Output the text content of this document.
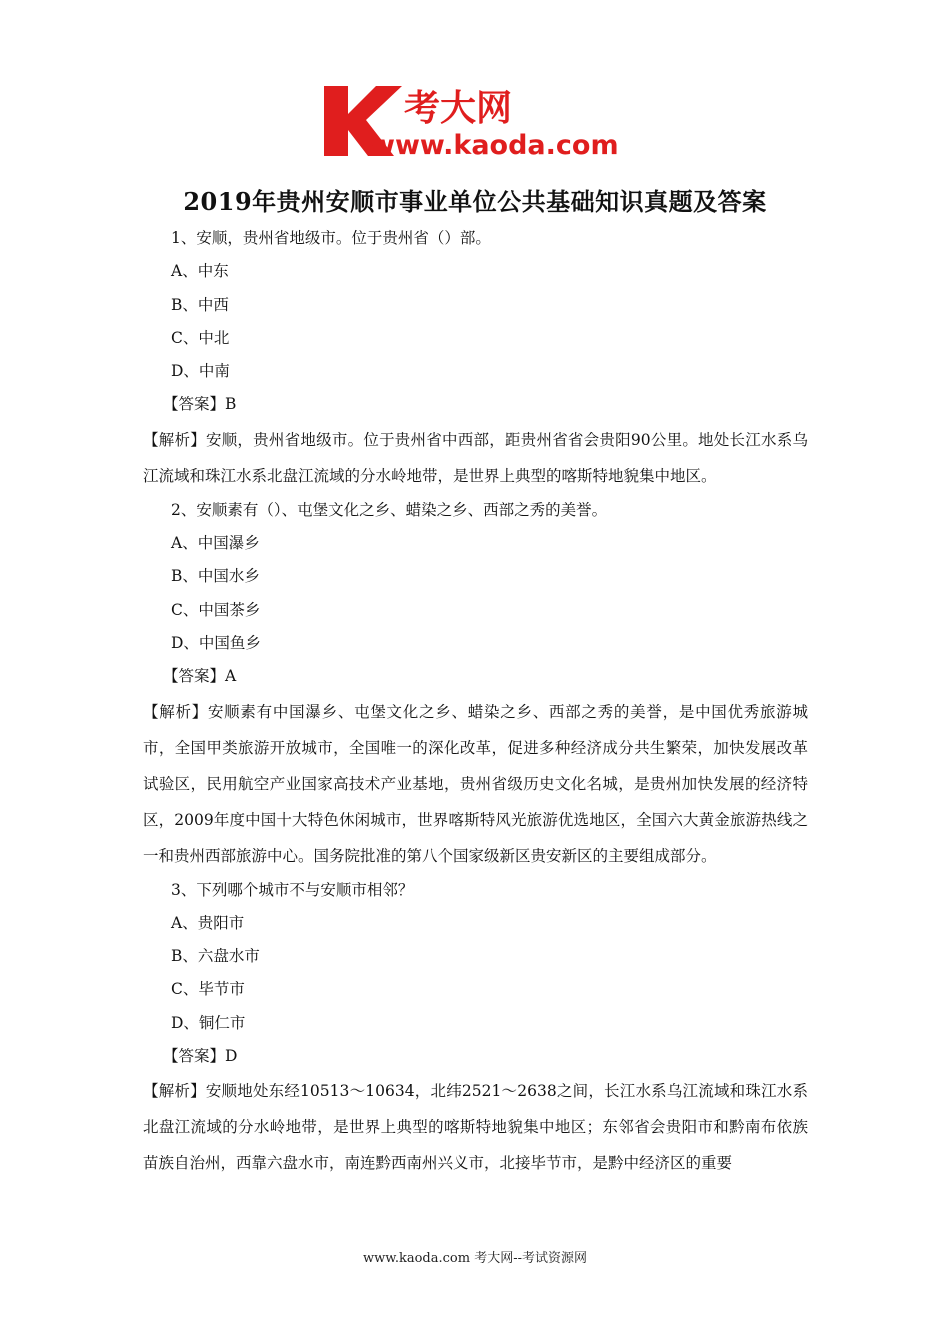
考大网
www.kaoda.com
2019年贵州安顺市事业单位公共基础知识真题及答案
1、安顺，贵州省地级市。位于贵州省（）部。
A、中东
B、中西
C、中北
D、中南
【答案】B
【解析】安顺，贵州省地级市。位于贵州省中西部，距贵州省省会贵阳90公里。地处长江水系乌江流域和珠江水系北盘江流域的分水岭地带，是世界上典型的喀斯特地貌集中地区。
2、安顺素有（）、屯堡文化之乡、蜡染之乡、西部之秀的美誉。
A、中国瀑乡
B、中国水乡
C、中国茶乡
D、中国鱼乡
【答案】A
【解析】安顺素有中国瀑乡、屯堡文化之乡、蜡染之乡、西部之秀的美誉，是中国优秀旅游城市，全国甲类旅游开放城市，全国唯一的深化改革，促进多种经济成分共生繁荣，加快发展改革试验区，民用航空产业国家高技术产业基地，贵州省级历史文化名城，是贵州加快发展的经济特区，2009年度中国十大特色休闲城市，世界喀斯特风光旅游优选地区，全国六大黄金旅游热线之一和贵州西部旅游中心。国务院批准的第八个国家级新区贵安新区的主要组成部分。
3、下列哪个城市不与安顺市相邻？
A、贵阳市
B、六盘水市
C、毕节市
D、铜仁市
【答案】D
【解析】安顺地处东经10513～10634，北纬2521～2638之间，长江水系乌江流域和珠江水系北盘江流域的分水岭地带，是世界上典型的喀斯特地貌集中地区；东邻省会贵阳市和黔南布依族苗族自治州，西靠六盘水市，南连黔西南州兴义市，北接毕节市，是黔中经济区的重要
www.kaoda.com 考大网--考试资源网
